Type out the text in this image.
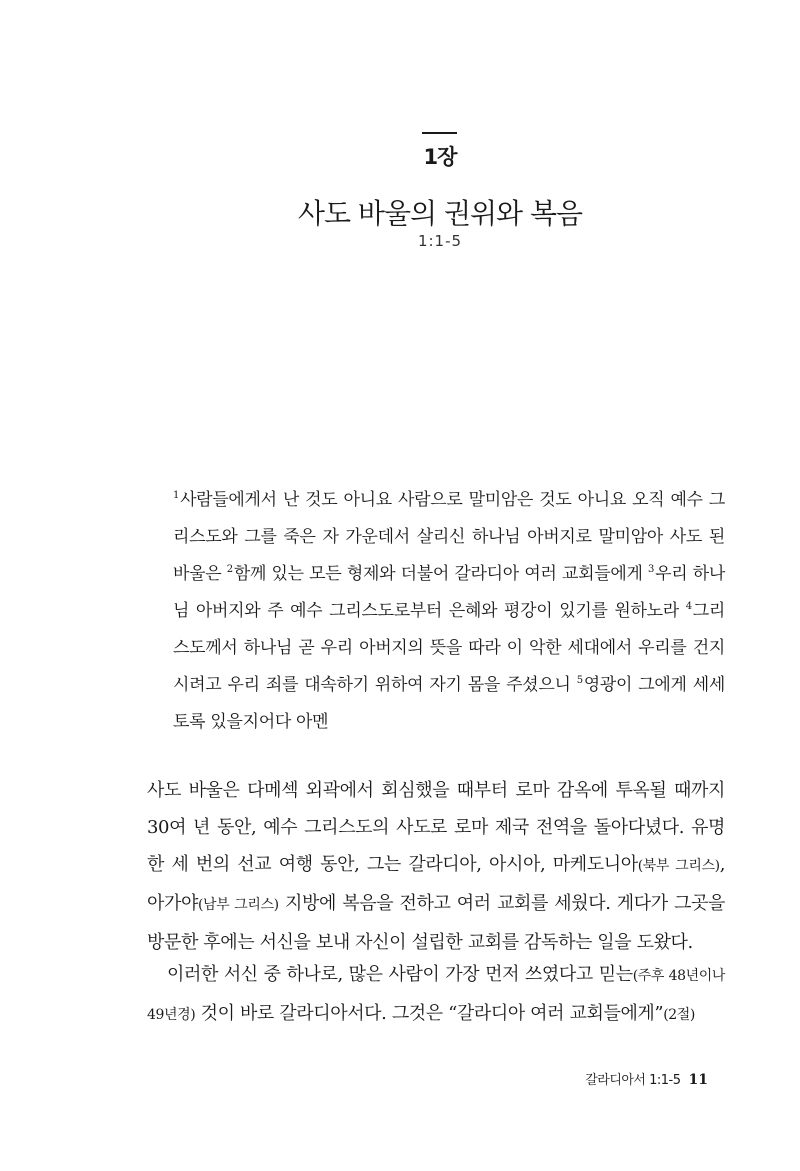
1장
사도 바울의 권위와 복음
1:1-5

$^1$사람들에게서 난 것도 아니요 사람으로 말미암은 것도 아니요 오직 예수 그리스도와 그를 죽은 자 가운데서 살리신 하나님 아버지로 말미암아 사도 된 바울은 $^2$함께 있는 모든 형제와 더불어 갈라디아 여러 교회들에게 $^3$우리 하나님 아버지와 주 예수 그리스도로부터 은혜와 평강이 있기를 원하노라 $^4$그리스도께서 하나님 곧 우리 아버지의 뜻을 따라 이 악한 세대에서 우리를 건지시려고 우리 죄를 대속하기 위하여 자기 몸을 주셨으니 $^5$영광이 그에게 세세토록 있을지어다 아멘

사도 바울은 다메섹 외곽에서 회심했을 때부터 로마 감옥에 투옥될 때까지 30여 년 동안, 예수 그리스도의 사도로 로마 제국 전역을 돌아다녔다. 유명한 세 번의 선교 여행 동안, 그는 갈라디아, 아시아, 마케도니아(북부 그리스), 아가야(남부 그리스) 지방에 복음을 전하고 여러 교회를 세웠다. 게다가 그곳을 방문한 후에는 서신을 보내 자신이 설립한 교회를 감독하는 일을 도왔다.

이러한 서신 중 하나로, 많은 사람이 가장 먼저 쓰였다고 믿는(주후 48년이나 49년경) 것이 바로 갈라디아서다. 그것은 “갈라디아 여러 교회들에게”(2절)

갈라디아서 1:1-5 11
